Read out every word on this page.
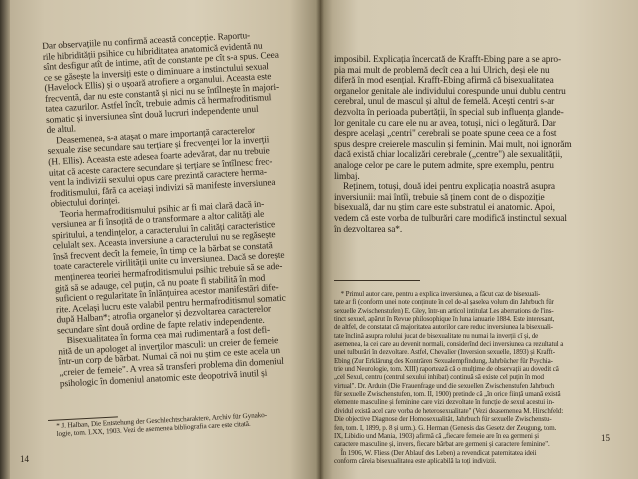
Dar observațiile nu confirmă această concepție. Raportu-
rile hibridității psihice cu hibriditatea anatomică evidentă nu
sînt desfigur atît de intime, atît de constante pe cît s-a spus. Ceea
ce se găsește la inversiți este o diminuare a instinctului sexual
(Havelock Ellis) și o ușoară atrofiere a organului. Aceasta este
frecventă, dar nu este constantă și nici nu se întîlnește în majori-
tatea cazurilor. Astfel încît, trebuie admis că hermafroditismul
somatic și inversiunea sînt două lucruri independente unul
de altul.
Deasemenea, s-a atașat o mare importanță caracterelor
sexuale zise secundare sau terțiare și frecvenței lor la inverții
(H. Ellis). Aceasta este adesea foarte adevărat, dar nu trebuie
uitat că aceste caractere secundare și terțiare se întîlnesc frec-
vent la indivizii sexului opus care prezintă caractere herma-
froditismului, fără ca aceiași indivizi să manifeste inversiunea
obiectului dorinței.
Teoria hermafroditismului psihic ar fi mai clară dacă in-
versiunea ar fi însoțită de o transformare a altor calități ale
spiritului, a tendințelor, a caracterului în calități caracteristice
celulalt sex. Aceasta inversiune a caracterului nu se regăsește
însă frecvent decît la femeie, în timp ce la bărbat se constată
toate caracterele virilității unite cu inversiunea. Dacă se dorește
menținerea teoriei hermafroditismului psihic trebuie să se ade-
gită să se adauge, cel puțin, că nu poate fi stabilită în mod
suficient o regularitate în înlănțuirea acestor manifestări dife-
rite. Același lucru este valabil pentru hermafroditismul somatic
după Halban*; atrofia organelor și dezvoltarea caracterelor
secundare sînt două ordine de fapte relativ independente.
Bisexualitatea în forma cea mai rudimentară a fost defi-
nită de un apologet al inverților masculi: un creier de femeie
într-un corp de bărbat. Numai că noi nu știm ce este acela un
„creier de femeie". A vrea să transferi problema din domeniul
psihologic în domeniul anatomic este deopotrivă inutil și
* J. Halban, Die Entstehung der Geschlechtscharaktere, Archiv für Gynako-
logie, tom. LXX, 1903. Vezi de asemenea bibliografia care este citată.
14
imposibil. Explicația încercată de Krafft-Ebing pare a se apro-
pia mai mult de problemă decît cea a lui Ulrich, deși ele nu
diferă în mod esențial. Krafft-Ebing afirmă că bisexualitatea
organelor genitale ale individului corespunde unui dublu centru
cerebral, unul de mascul și altul de femelă. Acești centri s-ar
dezvolta în perioada pubertății, în special sub influența glande-
lor genitale cu care ele nu ar avea, totuși, nici o legătură. Dar
despre același „centri" cerebrali se poate spune ceea ce a fost
spus despre creierele masculin și feminin. Mai mult, noi ignorăm
dacă există chiar localizări cerebrale („centre") ale sexualității,
analoge celor pe care le putem admite, spre exemplu, pentru
limbaj.
Reținem, totuși, două idei pentru explicația noastră asupra
inversiunii: mai întîi, trebuie să ținem cont de o dispoziție
bisexuală, dar nu știm care este substratul ei anatomic. Apoi,
vedem că este vorba de tulburări care modifică instinctul sexual
în dezvoltarea sa*.
* Primul autor care, pentru a explica inversiunea, a făcut caz de bisexuali-
tate ar fi (conform unei note conținute în cel de-al șaselea volum din Jahrbuch für
sexuelle Zwischenstufen) E. Gley, într-un articol intitulat Les aberrations de l'ins-
tinct sexuel, apărut în Revue philosophique în luna ianuarie 1884. Este interesant,
de altfel, de constatat că majoritatea autorilor care reduc inversiunea la bisexuali-
tate înclină asupra rolului jucat de bisexualitate nu numai la inverții cî și, de
asemenea, la cei care au devenit normali, considerînd deci inversiunea ca rezultatul a
unei tulburări în dezvoltare. Astfel, Chevalier (Inversion sexuelle, 1893) și Krafft-
Ebing (Zur Erklärung des Konträren Sexualempfindung, Jahrbücher für Psychia-
trie und Neurologie, tom. XIII) raportează că o mulțime de observații au dovedit că
„cel Sexul, centru (centrul sexului inhibat) continuă să existe cel puțin în mod
virtual". Dr. Arduin (Die Frauenfrage und die sexuellen Zwischenstufen Jahrbuch
für sexuelle Zwischenstufen, tom. II, 1900) pretinde că „în orice ființă umană există
elemente masculine și feminine care vizi dezvoltate în funcție de sexul acestui in-
dividul există acel care vorba de heterosexualitate" (Vezi deasemenea M. Hirschfeld:
Die objective Diagnose der Homosexualität, Jahrbuch für sexuelle Zwischenstu-
fen, tom. I, 1899, p. 8 și urm.). G. Herman (Genesis das Gesetz der Zeugung, tom.
IX, Libidio und Mania, 1903) afirmă că „fiecare femeie are în ea germeni și
caractere masculine și, invers, fiecare bărbat are germeni și caractere feminine".
În 1906, W. Fliess (Der Ablauf des Leben) a revendicat paternitatea ideii
conform căreia bisexualitatea este aplicabilă la toți indivizii.
15
